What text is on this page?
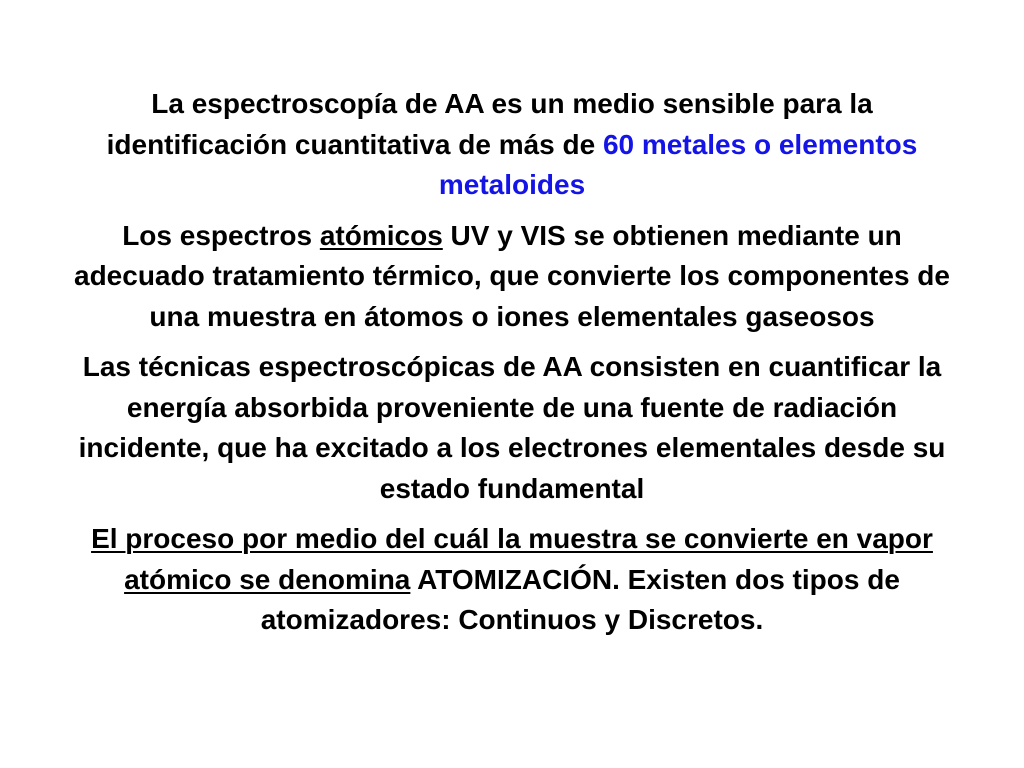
La espectroscopía de AA es un medio sensible para la identificación cuantitativa de más de 60 metales o elementos metaloides

Los espectros atómicos UV y VIS se obtienen mediante un adecuado tratamiento térmico, que convierte los componentes de una muestra en átomos o iones elementales gaseosos

Las técnicas espectroscópicas de AA consisten en cuantificar la energía absorbida proveniente de una fuente de radiación incidente, que ha excitado a los electrones elementales desde su estado fundamental

El proceso por medio del cuál la muestra se convierte en vapor atómico se denomina ATOMIZACIÓN. Existen dos tipos de atomizadores: Continuos y Discretos.
